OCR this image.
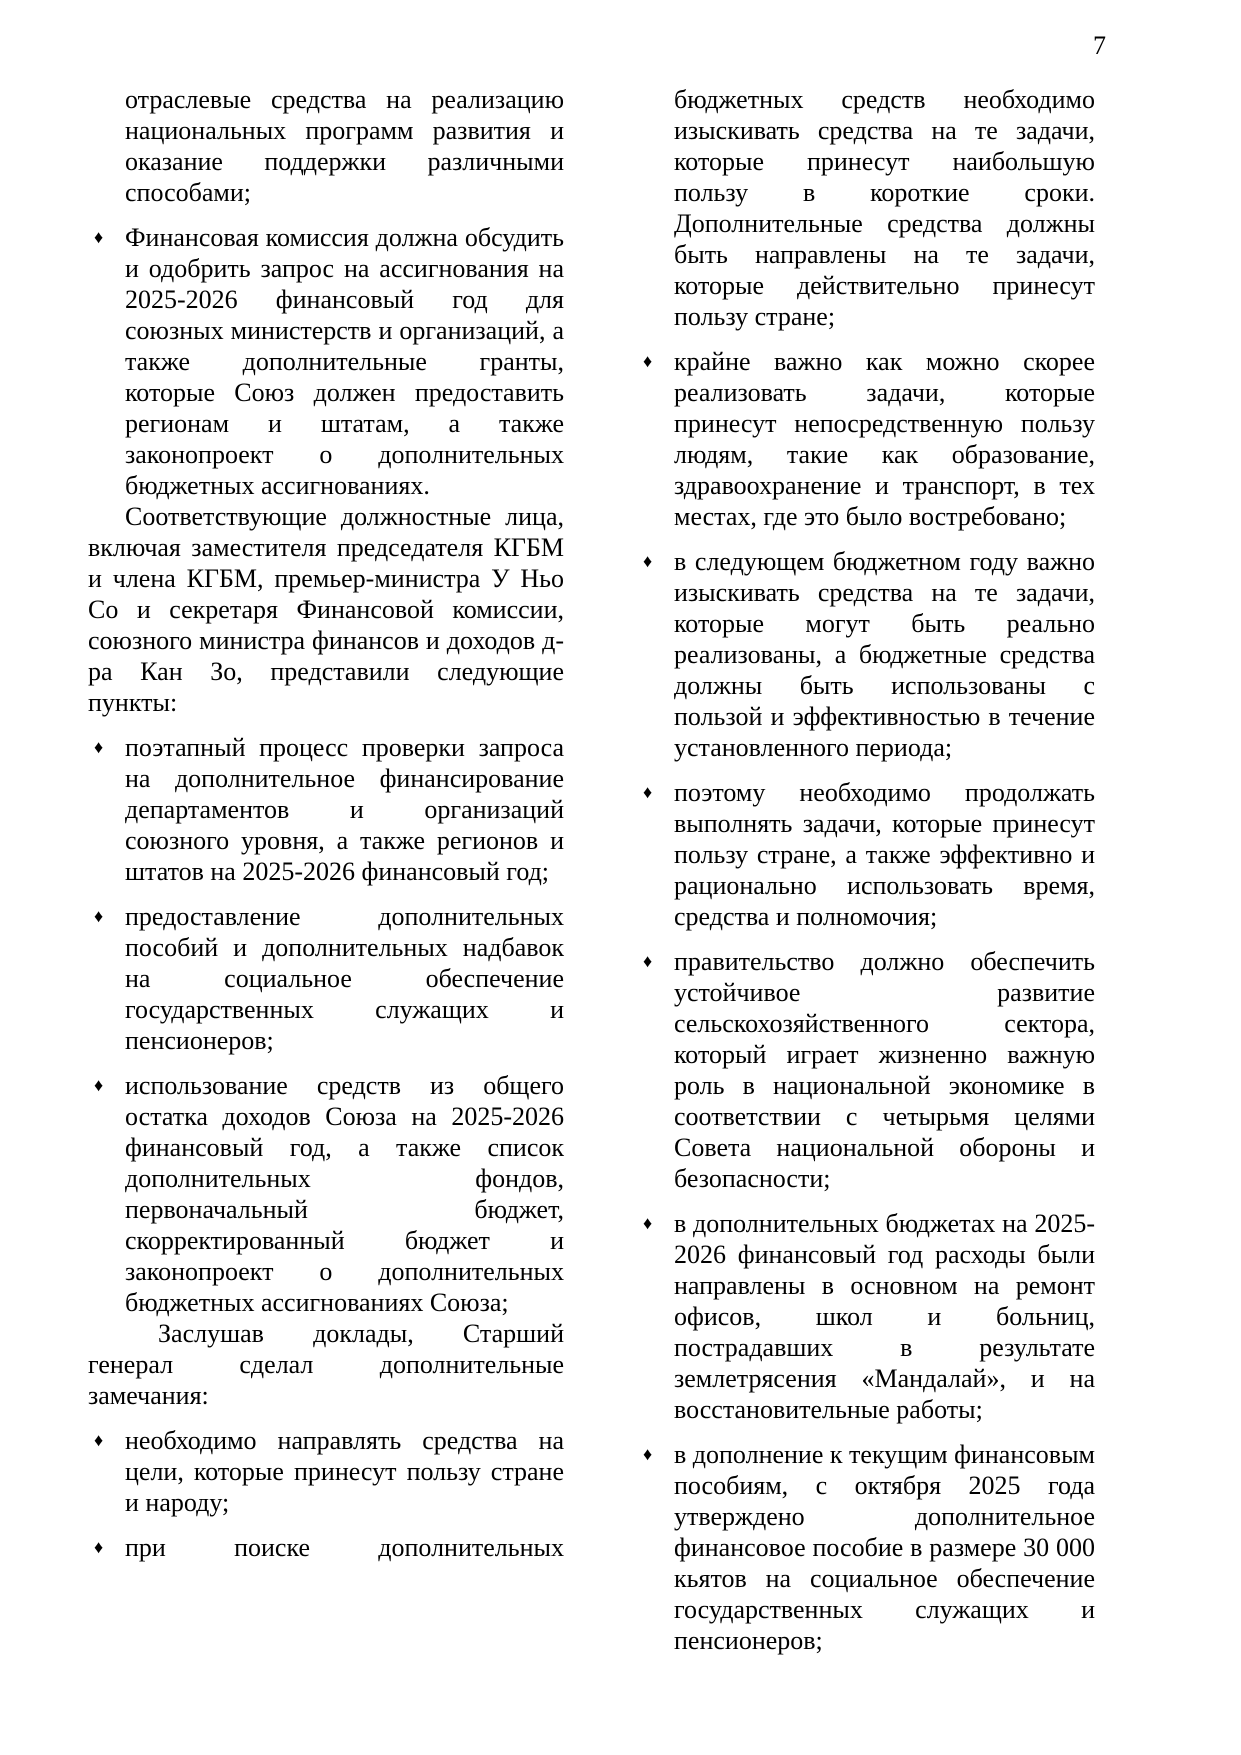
7
отраслевые средства на реализацию национальных программ развития и оказание поддержки различными способами;
♦ Финансовая комиссия должна обсудить и одобрить запрос на ассигнования на 2025-2026 финансовый год для союзных министерств и организаций, а также дополнительные гранты, которые Союз должен предоставить регионам и штатам, а также законопроект о дополнительных бюджетных ассигнованиях.

Соответствующие должностные лица, включая заместителя председателя КГБМ и члена КГБМ, премьер-министра У Ньо Со и секретаря Финансовой комиссии, союзного министра финансов и доходов д-ра Кан Зо, представили следующие пункты:

♦ поэтапный процесс проверки запроса на дополнительное финансирование департаментов и организаций союзного уровня, а также регионов и штатов на 2025-2026 финансовый год;
♦ предоставление дополнительных пособий и дополнительных надбавок на социальное обеспечение государственных служащих и пенсионеров;
♦ использование средств из общего остатка доходов Союза на 2025-2026 финансовый год, а также список дополнительных фондов, первоначальный бюджет, скорректированный бюджет и законопроект о дополнительных бюджетных ассигнованиях Союза;

Заслушав доклады, Старший генерал сделал дополнительные замечания:

♦ необходимо направлять средства на цели, которые принесут пользу стране и народу;
♦ при поиске дополнительных
бюджетных средств необходимо изыскивать средства на те задачи, которые принесут наибольшую пользу в короткие сроки. Дополнительные средства должны быть направлены на те задачи, которые действительно принесут пользу стране;
♦ крайне важно как можно скорее реализовать задачи, которые принесут непосредственную пользу людям, такие как образование, здравоохранение и транспорт, в тех местах, где это было востребовано;
♦ в следующем бюджетном году важно изыскивать средства на те задачи, которые могут быть реально реализованы, а бюджетные средства должны быть использованы с пользой и эффективностью в течение установленного периода;
♦ поэтому необходимо продолжать выполнять задачи, которые принесут пользу стране, а также эффективно и рационально использовать время, средства и полномочия;
♦ правительство должно обеспечить устойчивое развитие сельскохозяйственного сектора, который играет жизненно важную роль в национальной экономике в соответствии с четырьмя целями Совета национальной обороны и безопасности;
♦ в дополнительных бюджетах на 2025-2026 финансовый год расходы были направлены в основном на ремонт офисов, школ и больниц, пострадавших в результате землетрясения «Мандалай», и на восстановительные работы;
♦ в дополнение к текущим финансовым пособиям, с октября 2025 года утверждено дополнительное финансовое пособие в размере 30 000 кьятов на социальное обеспечение государственных служащих и пенсионеров;
